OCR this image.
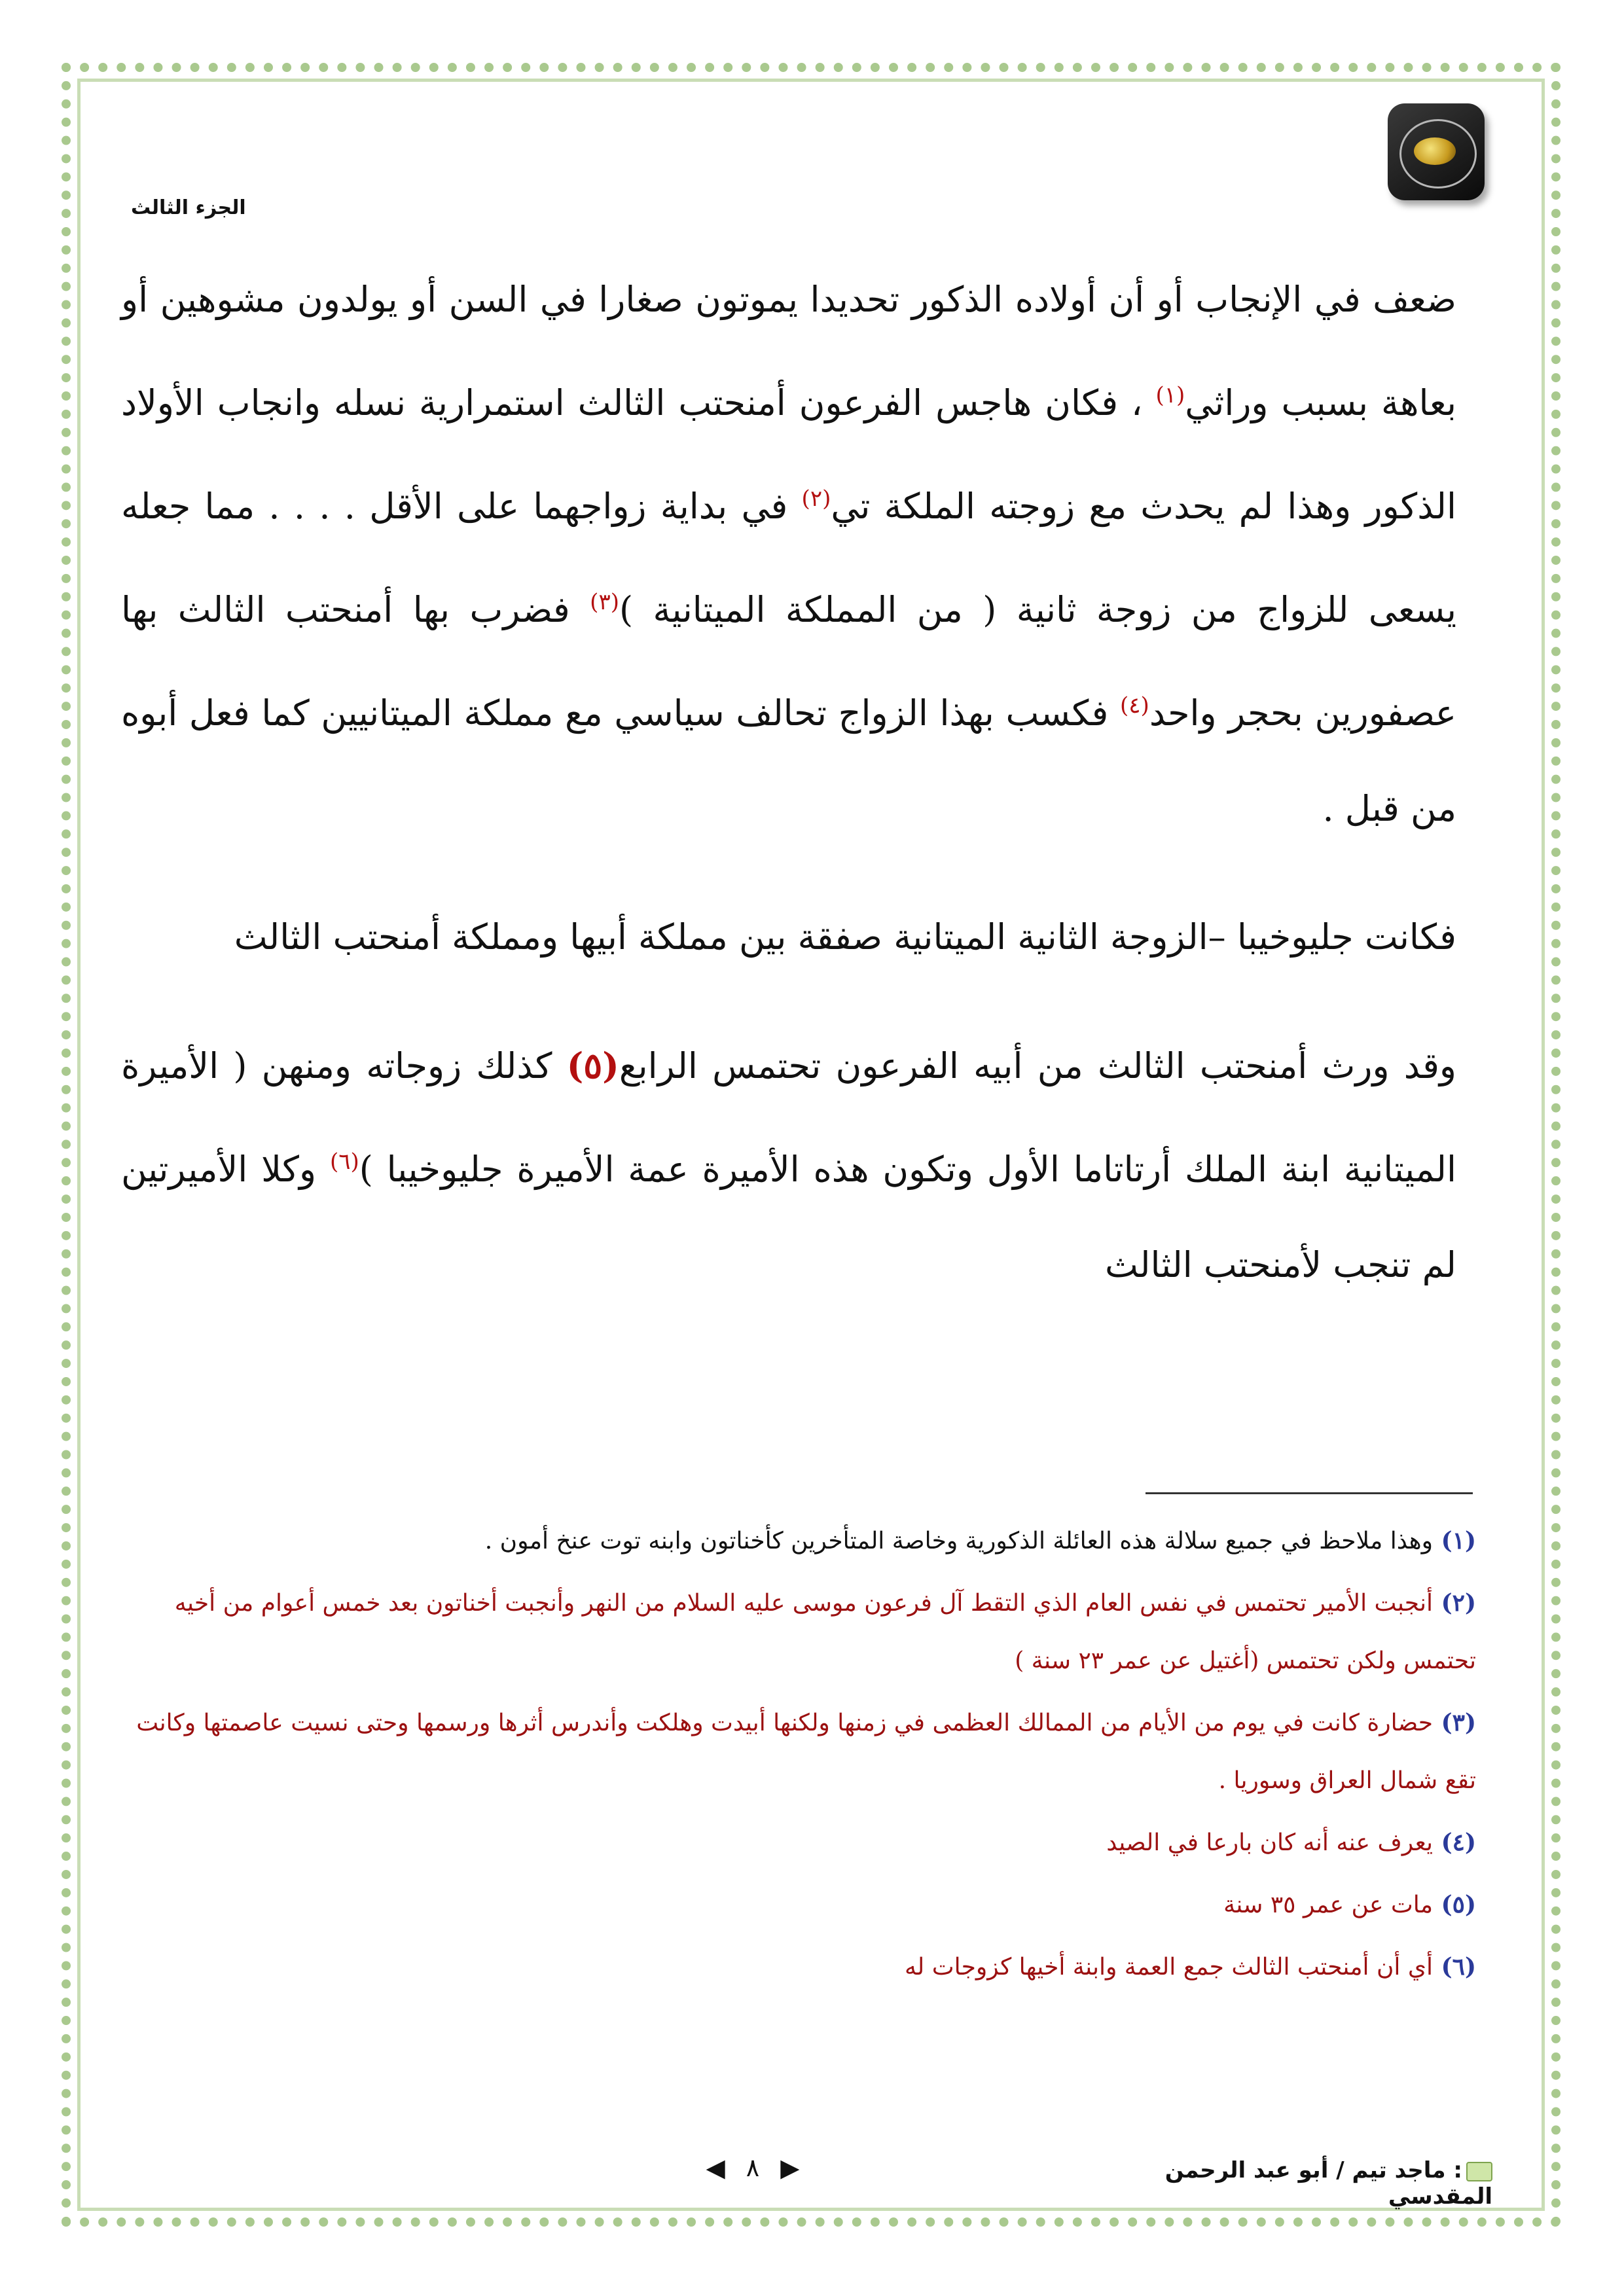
الجزء الثالث

ضعف في الإنجاب أو أن أولاده الذكور تحديدا يموتون صغارا في السن أو يولدون مشوهين أو بعاهة بسبب وراثي$^{(١)}$ ، فكان هاجس الفرعون أمنحتب الثالث استمرارية نسله وانجاب الأولاد الذكور وهذا لم يحدث مع زوجته الملكة تي$^{(٢)}$ في بداية زواجهما على الأقل . . . . مما جعله يسعى للزواج من زوجة ثانية ( من المملكة الميتانية )$^{(٣)}$ فضرب بها أمنحتب الثالث بها عصفورين بحجر واحد$^{(٤)}$ فكسب بهذا الزواج تحالف سياسي مع مملكة الميتانيين كما فعل أبوه من قبل .

فكانت جليوخيبا –الزوجة الثانية الميتانية صفقة بين مملكة أبيها ومملكة أمنحتب الثالث

وقد ورث أمنحتب الثالث من أبيه الفرعون تحتمس الرابع(٥) كذلك زوجاته ومنهن ( الأميرة الميتانية ابنة الملك أرتاتاما الأول وتكون هذه الأميرة عمة الأميرة جليوخيبا )$^{(٦)}$ وكلا الأميرتين لم تنجب لأمنحتب الثالث

(١) وهذا ملاحظ في جميع سلالة هذه العائلة الذكورية وخاصة المتأخرين كأخناتون وابنه توت عنخ أمون .

(٢) أنجبت الأمير تحتمس في نفس العام الذي التقط آل فرعون موسى عليه السلام من النهر وأنجبت أخناتون بعد خمس أعوام من أخيه تحتمس ولكن تحتمس (أغتيل عن عمر ٢٣ سنة )

(٣) حضارة كانت في يوم من الأيام من الممالك العظمى في زمنها ولكنها أبيدت وهلكت وأندرس أثرها ورسمها وحتى نسيت عاصمتها وكانت تقع شمال العراق وسوريا .

(٤) يعرف عنه أنه كان بارعا في الصيد

(٥) مات عن عمر ٣٥ سنة

(٦) أي أن أمنحتب الثالث جمع العمة وابنة أخيها كزوجات له

◀ ٨ ▶	: ماجد تيم / أبو عبد الرحمن المقدسي
